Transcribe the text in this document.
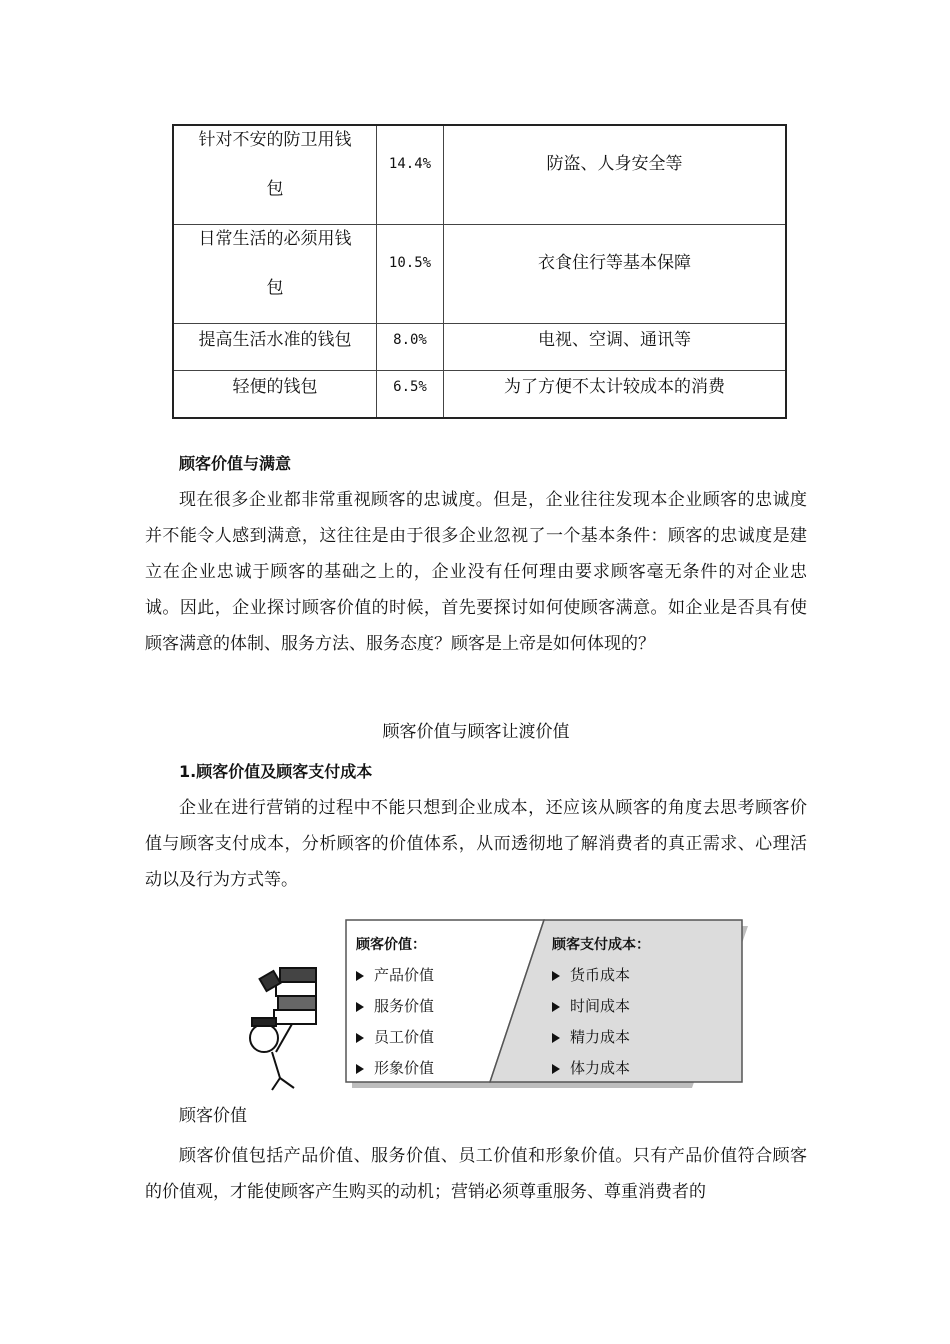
针对不安的防卫用钱
包	14.4%	防盗、人身安全等

日常生活的必须用钱
包	10.5%	衣食住行等基本保障
提高生活水准的钱包	8.0%	电视、空调、通讯等
轻便的钱包	6.5%	为了方便不太计较成本的消费
顾客价值与满意
现在很多企业都非常重视顾客的忠诚度。但是，企业往往发现本企业顾客的忠诚度并不能令人感到满意，这往往是由于很多企业忽视了一个基本条件：顾客的忠诚度是建立在企业忠诚于顾客的基础之上的，企业没有任何理由要求顾客毫无条件的对企业忠诚。因此，企业探讨顾客价值的时候，首先要探讨如何使顾客满意。如企业是否具有使顾客满意的体制、服务方法、服务态度？顾客是上帝是如何体现的？
顾客价值与顾客让渡价值
1.顾客价值及顾客支付成本
企业在进行营销的过程中不能只想到企业成本，还应该从顾客的角度去思考顾客价值与顾客支付成本，分析顾客的价值体系，从而透彻地了解消费者的真正需求、心理活动以及行为方式等。
顾客价值：
产品价值
服务价值
员工价值
形象价值
顾客支付成本：
货币成本
时间成本
精力成本
体力成本
顾客价值
顾客价值包括产品价值、服务价值、员工价值和形象价值。只有产品价值符合顾客的价值观，才能使顾客产生购买的动机；营销必须尊重服务、尊重消费者的
